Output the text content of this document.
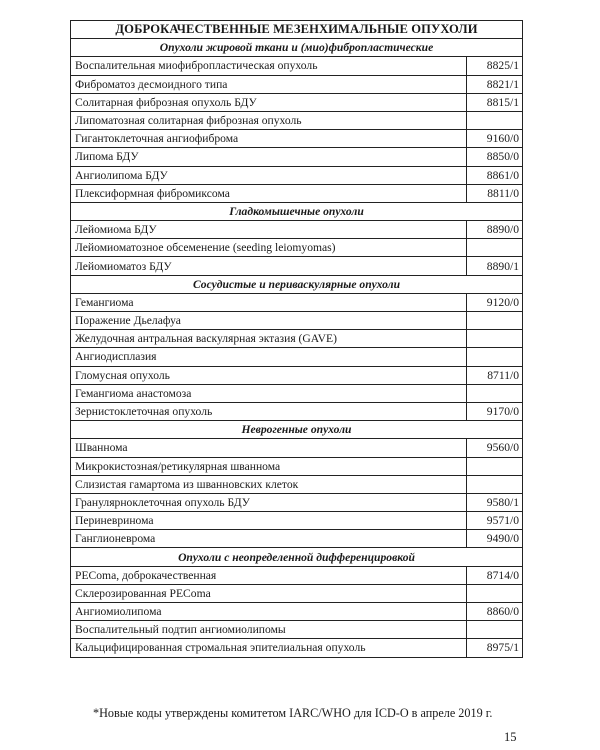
ДОБРОКАЧЕСТВЕННЫЕ МЕЗЕНХИМАЛЬНЫЕ ОПУХОЛИ	
Опухоли жировой ткани и (мио)фибропластические	
Воспалительная миофибропластическая опухоль	8825/1
Фиброматоз десмоидного типа	8821/1
Солитарная фиброзная опухоль БДУ	8815/1
Липоматозная солитарная фиброзная опухоль	
Гигантоклеточная ангиофиброма	9160/0
Липома БДУ	8850/0
Ангиолипома БДУ	8861/0
Плексиформная фибромиксома	8811/0
Гладкомышечные опухоли	
Лейомиома БДУ	8890/0
Лейомиоматозное обсеменение (seeding leiomyomas)	
Лейомиоматоз БДУ	8890/1
Сосудистые и периваскулярные опухоли	
Гемангиома	9120/0
Поражение Дьелафуа	
Желудочная антральная васкулярная эктазия (GAVE)	
Ангиодисплазия	
Гломусная опухоль	8711/0
Гемангиома анастомоза	
Зернистоклеточная опухоль	9170/0
Неврогенные опухоли	
Шваннома	9560/0
Микрокистозная/ретикулярная шваннома	
Слизистая гамартома из шванновских клеток	
Гранулярноклеточная опухоль БДУ	9580/1
Периневринома	9571/0
Ганглионеврома	9490/0
Опухоли с неопределенной дифференцировкой	
PEComa, доброкачественная	8714/0
Склерозированная PEComa	
Ангиомиолипома	8860/0
Воспалительный подтип ангиомиолипомы	
Кальцифицированная стромальная эпителиальная опухоль	8975/1
*Новые коды утверждены комитетом IARC/WHO для ICD-O в апреле 2019 г.
15
